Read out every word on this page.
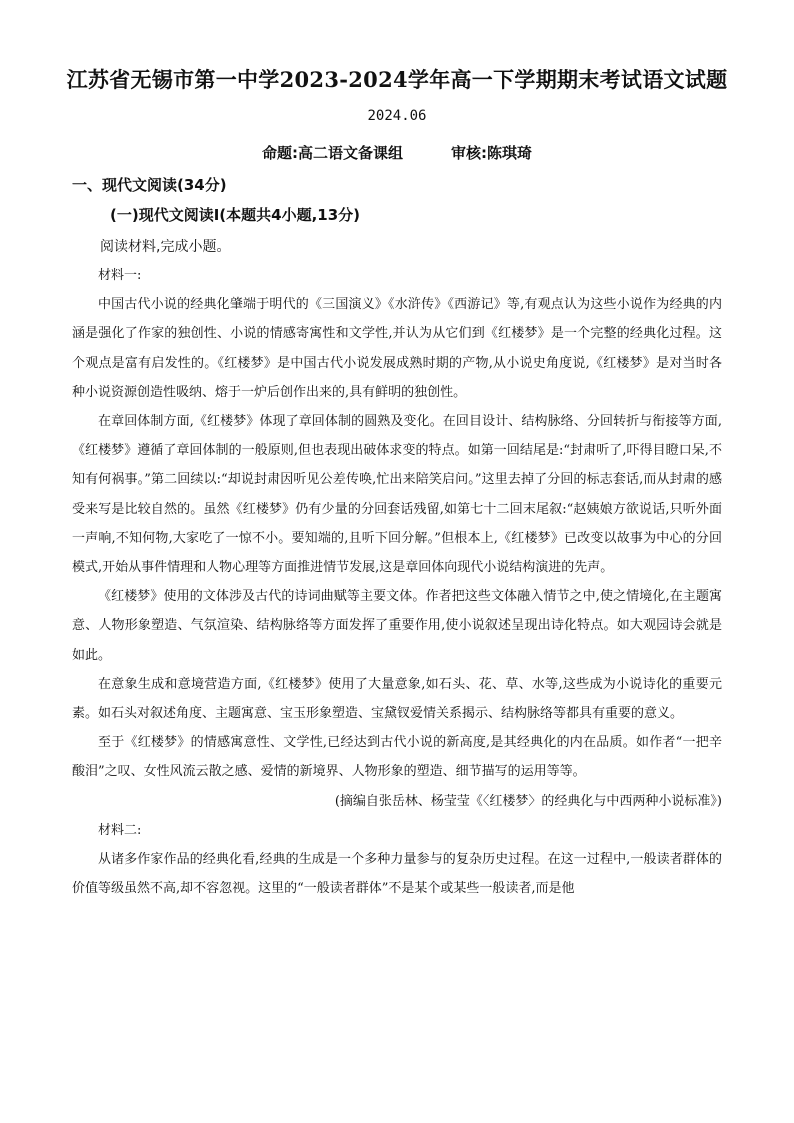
江苏省无锡市第一中学2023-2024学年高一下学期期末考试语文试题
2024.06
命题:高二语文备课组	审核:陈琪琦
一、现代文阅读(34分)
(一)现代文阅读Ⅰ(本题共4小题,13分)
阅读材料,完成小题。

材料一:

中国古代小说的经典化肇端于明代的《三国演义》《水浒传》《西游记》等,有观点认为这些小说作为经典的内涵是强化了作家的独创性、小说的情感寄寓性和文学性,并认为从它们到《红楼梦》是一个完整的经典化过程。这个观点是富有启发性的。《红楼梦》是中国古代小说发展成熟时期的产物,从小说史角度说,《红楼梦》是对当时各种小说资源创造性吸纳、熔于一炉后创作出来的,具有鲜明的独创性。

在章回体制方面,《红楼梦》体现了章回体制的圆熟及变化。在回目设计、结构脉络、分回转折与衔接等方面,《红楼梦》遵循了章回体制的一般原则,但也表现出破体求变的特点。如第一回结尾是:“封肃听了,吓得目瞪口呆,不知有何祸事。”第二回续以:“却说封肃因听见公差传唤,忙出来陪笑启问。”这里去掉了分回的标志套话,而从封肃的感受来写是比较自然的。虽然《红楼梦》仍有少量的分回套话残留,如第七十二回末尾叙:“赵姨娘方欲说话,只听外面一声响,不知何物,大家吃了一惊不小。要知端的,且听下回分解。”但根本上,《红楼梦》已改变以故事为中心的分回模式,开始从事件情理和人物心理等方面推进情节发展,这是章回体向现代小说结构演进的先声。

《红楼梦》使用的文体涉及古代的诗词曲赋等主要文体。作者把这些文体融入情节之中,使之情境化,在主题寓意、人物形象塑造、气氛渲染、结构脉络等方面发挥了重要作用,使小说叙述呈现出诗化特点。如大观园诗会就是如此。

在意象生成和意境营造方面,《红楼梦》使用了大量意象,如石头、花、草、水等,这些成为小说诗化的重要元素。如石头对叙述角度、主题寓意、宝玉形象塑造、宝黛钗爱情关系揭示、结构脉络等都具有重要的意义。

至于《红楼梦》的情感寓意性、文学性,已经达到古代小说的新高度,是其经典化的内在品质。如作者“一把辛酸泪”之叹、女性风流云散之感、爱情的新境界、人物形象的塑造、细节描写的运用等等。

(摘编自张岳林、杨莹莹《〈红楼梦〉的经典化与中西两种小说标准》)

材料二:

从诸多作家作品的经典化看,经典的生成是一个多种力量参与的复杂历史过程。在这一过程中,一般读者群体的价值等级虽然不高,却不容忽视。这里的“一般读者群体”不是某个或某些一般读者,而是他
